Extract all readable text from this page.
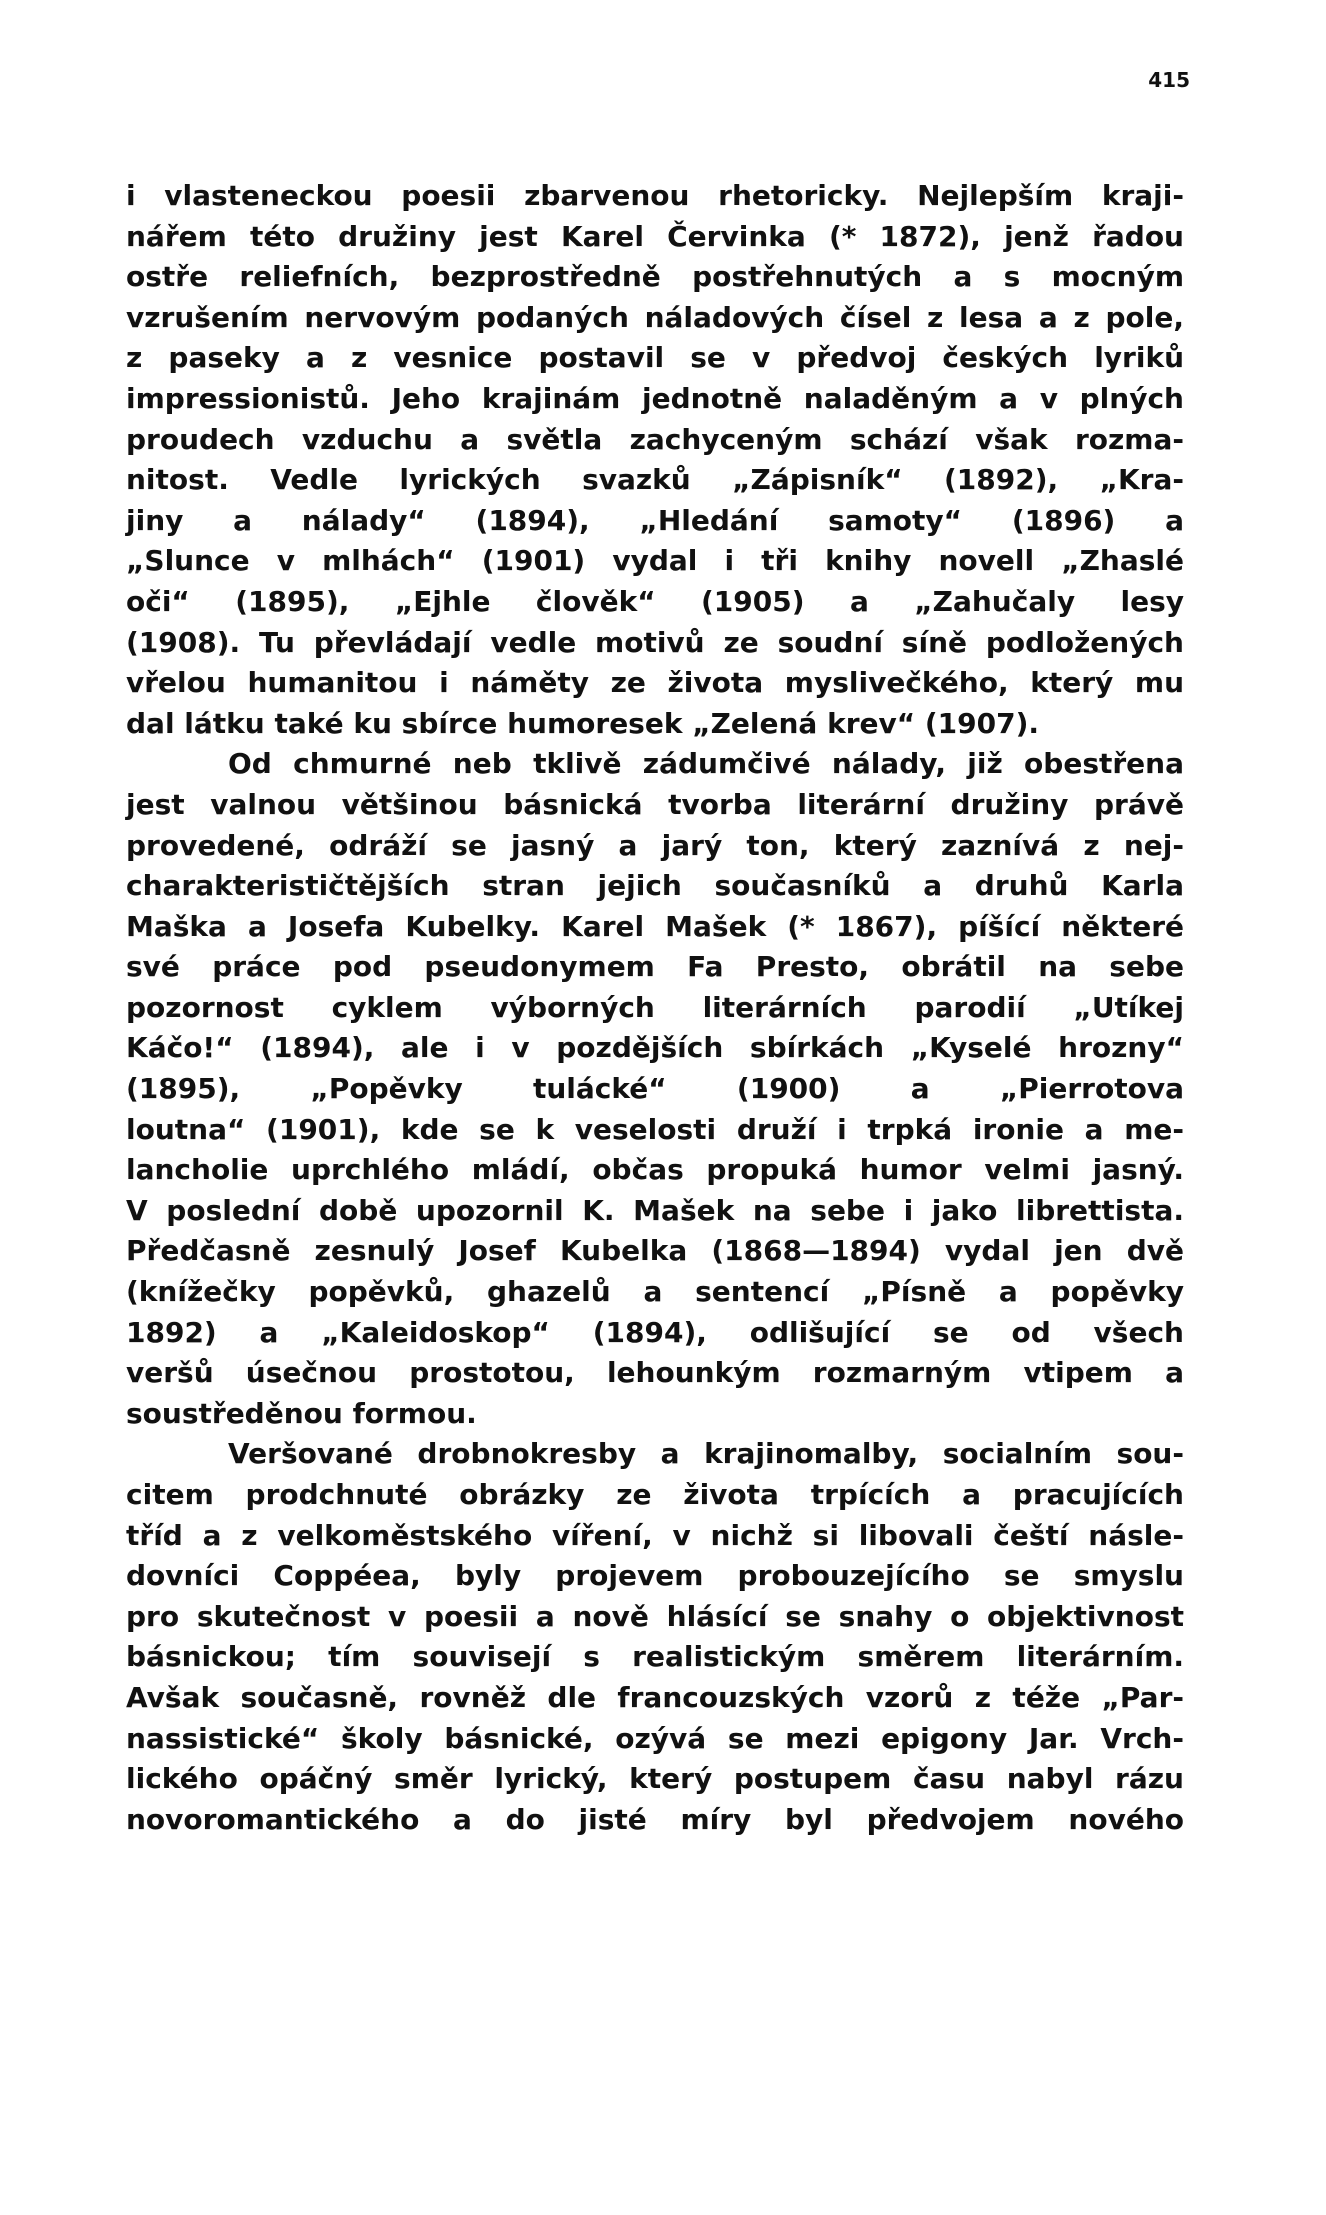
415
i vlasteneckou poesii zbarvenou rhetoricky. Nejlepším kraji-
nářem této družiny jest Karel Červinka (* 1872), jenž řadou
ostře reliefních, bezprostředně postřehnutých a s mocným
vzrušením nervovým podaných náladových čísel z lesa a z pole,
z paseky a z vesnice postavil se v předvoj českých lyriků
impressionistů. Jeho krajinám jednotně naladěným a v plných
proudech vzduchu a světla zachyceným schází však rozma-
nitost. Vedle lyrických svazků „Zápisník“ (1892), „Kra-
jiny a nálady“ (1894), „Hledání samoty“ (1896) a
„Slunce v mlhách“ (1901) vydal i tři knihy novell „Zhaslé
oči“ (1895), „Ejhle člověk“ (1905) a „Zahučaly lesy
(1908). Tu převládají vedle motivů ze soudní síně podložených
vřelou humanitou i náměty ze života myslivečkého, který mu
dal látku také ku sbírce humoresek „Zelená krev“ (1907).
Od chmurné neb tklivě zádumčivé nálady, již obestřena
jest valnou většinou básnická tvorba literární družiny právě
provedené, odráží se jasný a jarý ton, který zaznívá z nej-
charakterističtějších stran jejich současníků a druhů Karla
Maška a Josefa Kubelky. Karel Mašek (* 1867), píšící některé
své práce pod pseudonymem Fa Presto, obrátil na sebe
pozornost cyklem výborných literárních parodií „Utíkej
Káčo!“ (1894), ale i v pozdějších sbírkách „Kyselé hrozny“
(1895), „Popěvky tulácké“ (1900) a „Pierrotova
loutna“ (1901), kde se k veselosti druží i trpká ironie a me-
lancholie uprchlého mládí, občas propuká humor velmi jasný.
V poslední době upozornil K. Mašek na sebe i jako librettista.
Předčasně zesnulý Josef Kubelka (1868—1894) vydal jen dvě
(knížečky popěvků, ghazelů a sentencí „Písně a popěvky
1892) a „Kaleidoskop“ (1894), odlišující se od všech
veršů úsečnou prostotou, lehounkým rozmarným vtipem a
soustředěnou formou.
Veršované drobnokresby a krajinomalby, socialním sou-
citem prodchnuté obrázky ze života trpících a pracujících
tříd a z velkoměstského víření, v nichž si libovali čeští násle-
dovníci Coppéea, byly projevem probouzejícího se smyslu
pro skutečnost v poesii a nově hlásící se snahy o objektivnost
básnickou; tím souvisejí s realistickým směrem literárním.
Avšak současně, rovněž dle francouzských vzorů z téže „Par-
nassistické“ školy básnické, ozývá se mezi epigony Jar. Vrch-
lického opáčný směr lyrický, který postupem času nabyl rázu
novoromantického a do jisté míry byl předvojem nového
